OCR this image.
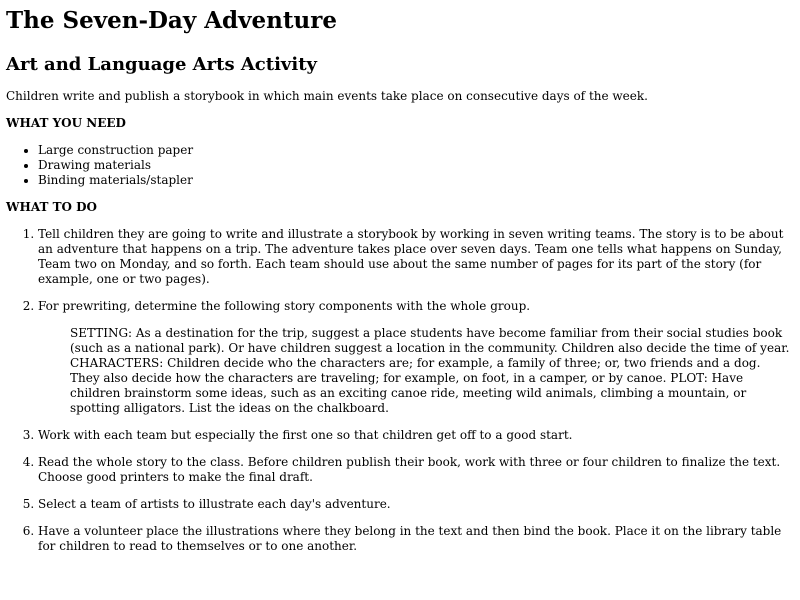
The Seven-Day Adventure
Art and Language Arts Activity

Children write and publish a storybook in which main events take place on consecutive days of the week.

WHAT YOU NEED
• Large construction paper
• Drawing materials
• Binding materials/stapler
WHAT TO DO

1. Tell children they are going to write and illustrate a storybook by working in seven writing teams. The story is to be about an adventure that happens on a trip. The adventure takes place over seven days. Team one tells what happens on Sunday, Team two on Monday, and so forth. Each team should use about the same number of pages for its part of the story (for example, one or two pages).

2. For prewriting, determine the following story components with the whole group.

SETTING: As a destination for the trip, suggest a place students have become familiar from their social studies book (such as a national park). Or have children suggest a location in the community. Children also decide the time of year.

CHARACTERS: Children decide who the characters are; for example, a family of three; or, two friends and a dog. They also decide how the characters are traveling; for example, on foot, in a camper, or by canoe. PLOT: Have children brainstorm some ideas, such as an exciting canoe ride, meeting wild animals, climbing a mountain, or spotting alligators. List the ideas on the chalkboard.

3. Work with each team but especially the first one so that children get off to a good start.

4. Read the whole story to the class. Before children publish their book, work with three or four children to finalize the text. Choose good printers to make the final draft.

5. Select a team of artists to illustrate each day's adventure.

6. Have a volunteer place the illustrations where they belong in the text and then bind the book. Place it on the library table for children to read to themselves or to one another.
